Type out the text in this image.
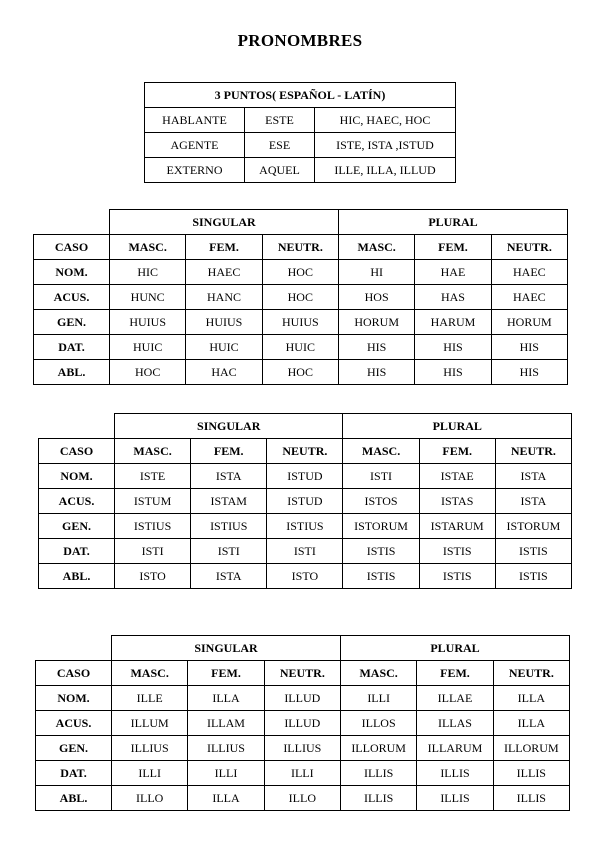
PRONOMBRES
3 PUNTOS( ESPAÑOL - LATÍN)		
HABLANTE	ESTE	HIC, HAEC, HOC
AGENTE	ESE	ISTE, ISTA ,ISTUD
EXTERNO	AQUEL	ILLE, ILLA, ILLUD
	SINGULAR			PLURAL		
CASO	MASC.	FEM.	NEUTR.	MASC.	FEM.	NEUTR.
NOM.	HIC	HAEC	HOC	HI	HAE	HAEC
ACUS.	HUNC	HANC	HOC	HOS	HAS	HAEC
GEN.	HUIUS	HUIUS	HUIUS	HORUM	HARUM	HORUM
DAT.	HUIC	HUIC	HUIC	HIS	HIS	HIS
ABL.	HOC	HAC	HOC	HIS	HIS	HIS
	SINGULAR			PLURAL		
CASO	MASC.	FEM.	NEUTR.	MASC.	FEM.	NEUTR.
NOM.	ISTE	ISTA	ISTUD	ISTI	ISTAE	ISTA
ACUS.	ISTUM	ISTAM	ISTUD	ISTOS	ISTAS	ISTA
GEN.	ISTIUS	ISTIUS	ISTIUS	ISTORUM	ISTARUM	ISTORUM
DAT.	ISTI	ISTI	ISTI	ISTIS	ISTIS	ISTIS
ABL.	ISTO	ISTA	ISTO	ISTIS	ISTIS	ISTIS
	SINGULAR			PLURAL		
CASO	MASC.	FEM.	NEUTR.	MASC.	FEM.	NEUTR.
NOM.	ILLE	ILLA	ILLUD	ILLI	ILLAE	ILLA
ACUS.	ILLUM	ILLAM	ILLUD	ILLOS	ILLAS	ILLA
GEN.	ILLIUS	ILLIUS	ILLIUS	ILLORUM	ILLARUM	ILLORUM
DAT.	ILLI	ILLI	ILLI	ILLIS	ILLIS	ILLIS
ABL.	ILLO	ILLA	ILLO	ILLIS	ILLIS	ILLIS
